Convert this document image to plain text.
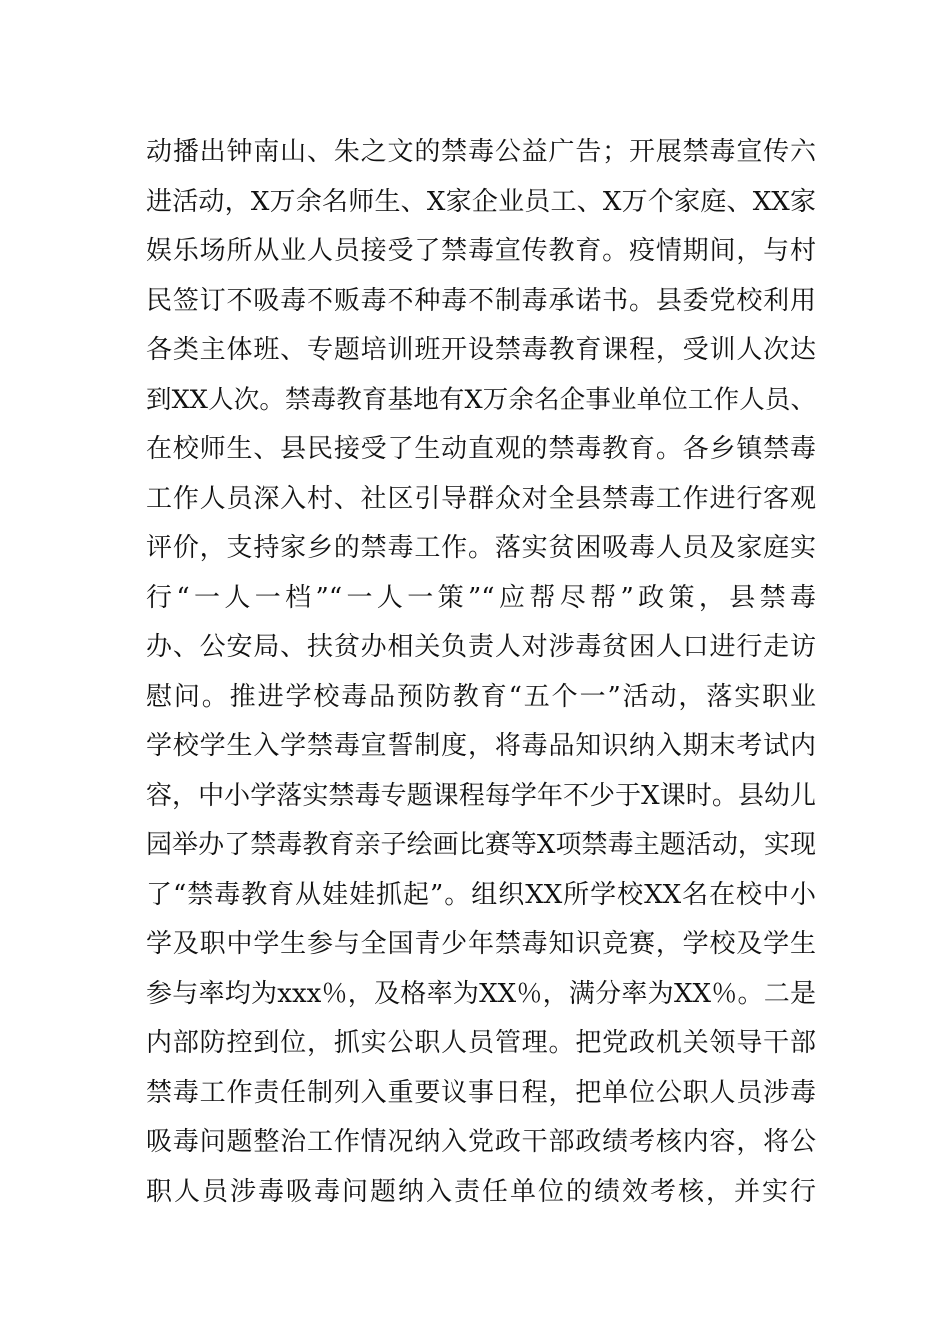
动播出钟南山、朱之文的禁毒公益广告；开展禁毒宣传六
进活动，X万余名师生、X家企业员工、X万个家庭、XX家
娱乐场所从业人员接受了禁毒宣传教育。疫情期间，与村
民签订不吸毒不贩毒不种毒不制毒承诺书。县委党校利用
各类主体班、专题培训班开设禁毒教育课程，受训人次达
到XX人次。禁毒教育基地有X万余名企事业单位工作人员、
在校师生、县民接受了生动直观的禁毒教育。各乡镇禁毒
工作人员深入村、社区引导群众对全县禁毒工作进行客观
评价，支持家乡的禁毒工作。落实贫困吸毒人员及家庭实
行“一人一档”“一人一策”“应帮尽帮”政策，县禁毒
办、公安局、扶贫办相关负责人对涉毒贫困人口进行走访
慰问。推进学校毒品预防教育“五个一”活动，落实职业
学校学生入学禁毒宣誓制度，将毒品知识纳入期末考试内
容，中小学落实禁毒专题课程每学年不少于X课时。县幼儿
园举办了禁毒教育亲子绘画比赛等X项禁毒主题活动，实现
了“禁毒教育从娃娃抓起”。组织XX所学校XX名在校中小
学及职中学生参与全国青少年禁毒知识竞赛，学校及学生
参与率均为xxx％，及格率为XX％，满分率为XX％。二是
内部防控到位，抓实公职人员管理。把党政机关领导干部
禁毒工作责任制列入重要议事日程，把单位公职人员涉毒
吸毒问题整治工作情况纳入党政干部政绩考核内容，将公
职人员涉毒吸毒问题纳入责任单位的绩效考核，并实行
